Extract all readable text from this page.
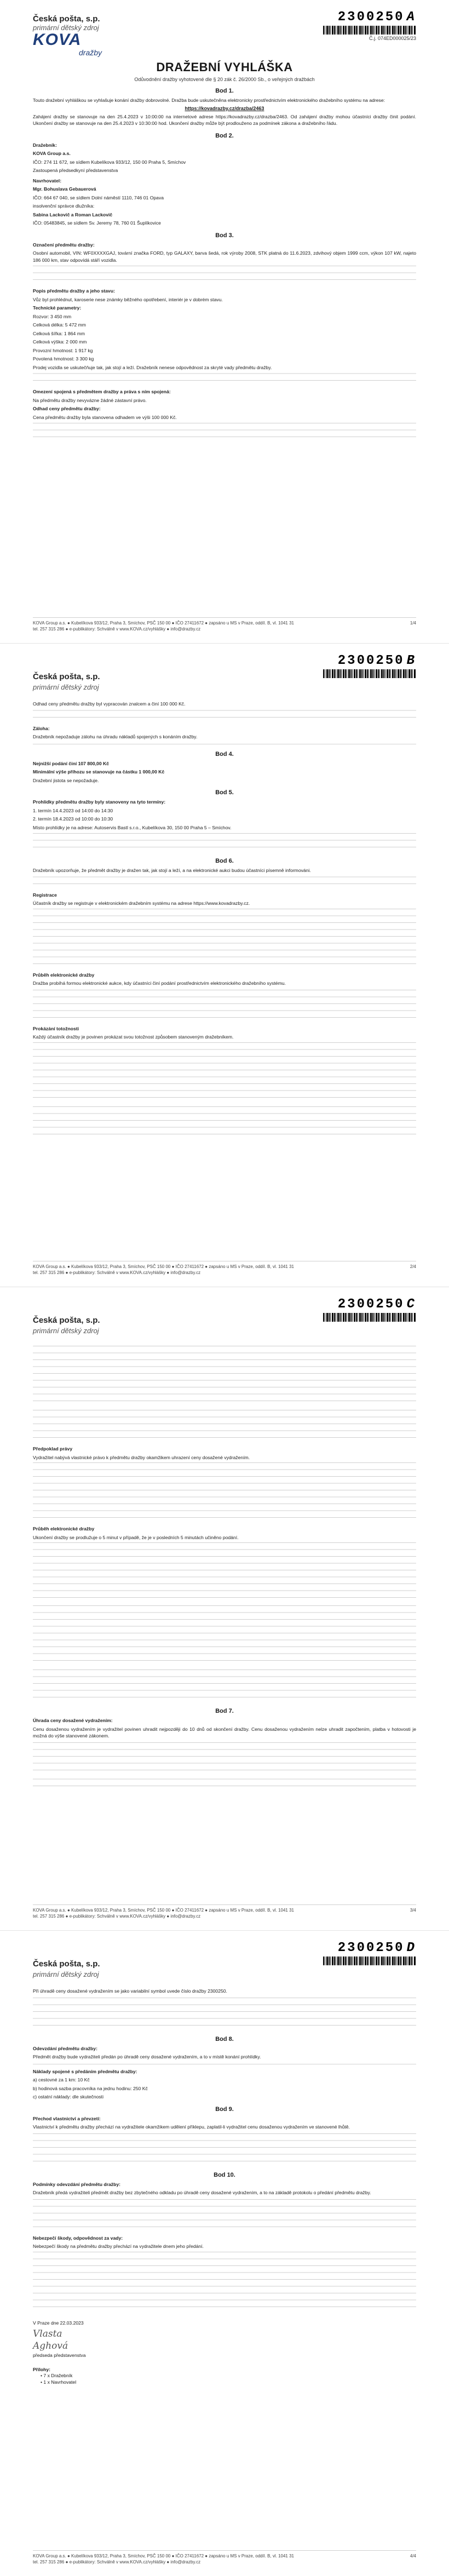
Česká pošta, s.p.
primární dětský zdroj
KOVA
dražby
2300250 A
Č.j. 074ED000025/23
DRAŽEBNÍ VYHLÁŠKA
Odůvodnění dražby vyhotovené dle § 20 zák č. 26/2000 Sb., o veřejných dražbách
Bod 1.

Touto dražební vyhláškou se vyhlašuje konání dražby dobrovolné. Dražba bude uskutečněna elektronicky prostřednictvím elektronického dražebního systému na adrese:

https://kovadrazby.cz/drazba/2463

Zahájení dražby se stanovuje na den 25.4.2023 v 10:00:00 na internetové adrese https://kovadrazby.cz/drazba/2463. Od zahájení dražby mohou účastníci dražby činit podání. Ukončení dražby se stanovuje na den 25.4.2023 v 10:30:00 hod. Ukončení dražby může být prodlouženo za podmínek zákona a dražebního řádu.

Bod 2.
Dražebník:
KOVA Group a.s.
IČO: 274 11 672, se sídlem Kubelíkova 933/12, 150 00 Praha 5, Smíchov
Zastoupená předsedkyní představenstva
Navrhovatel:
Mgr. Bohuslava Gebauerová
IČO: 664 67 040, se sídlem Dolní náměstí 1110, 746 01 Opava
insolvenční správce dlužníka:
Sabina Lackovič a Roman Lackovič
IČO: 05483845, se sídlem Sv. Jeremy 78, 760 01 Šuplíkovice
Bod 3.
Označení předmětu dražby:

Osobní automobil, VIN: WF0XXXXGAJ, tovární značka FORD, typ GALAXY, barva šedá, rok výroby 2008, STK platná do 11.6.2023, zdvihový objem 1999 ccm, výkon 107 kW, najeto 186 000 km, stav odpovídá stáří vozidla.

Popis předmětu dražby a jeho stavu:

Vůz byl prohlédnut, karoserie nese známky běžného opotřebení, interiér je v dobrém stavu.

Technické parametry:
Rozvor: 3 450 mm
Celková délka: 5 472 mm
Celková šířka: 1 864 mm
Celková výška: 2 000 mm
Provozní hmotnost: 1 917 kg
Povolená hmotnost: 3 300 kg

Prodej vozidla se uskutečňuje tak, jak stojí a leží. Dražebník nenese odpovědnost za skryté vady předmětu dražby.

Omezení spojená s předmětem dražby a práva s ním spojená:

Na předmětu dražby nevyvázne žádné zástavní právo.

Odhad ceny předmětu dražby:

Cena předmětu dražby byla stanovena odhadem ve výši 100 000 Kč.

KOVA Group a.s. ● Kubelíkova 933/12, Praha 3, Smíchov, PSČ 150 00 ● IČO 27411672 ● zapsáno u MS v Praze, oddíl. B, vl. 1041 31
tel. 257 315 286 ● e-publikátory: Schválně v www.KOVA.cz/vyhlášky ● info@drazby.cz
1/4
Česká pošta, s.p.
primární dětský zdroj
2300250 B

Odhad ceny předmětu dražby byl vypracován znalcem a činí 100 000 Kč.

Záloha:

Dražebník nepožaduje zálohu na úhradu nákladů spojených s konáním dražby.

Bod 4.
Nejnižší podání činí 107 800,00 Kč
Minimální výše příhozu se stanovuje na částku 1 000,00 Kč
Dražební jistota se nepožaduje.
Bod 5.
Prohlídky předmětu dražby byly stanoveny na tyto termíny:
1. termín 14.4.2023 od 14:00 do 14:30
2. termín 18.4.2023 od 10:00 do 10:30

Místo prohlídky je na adrese: Autoservis Bastl s.r.o., Kubelíkova 30, 150 00 Praha 5 – Smíchov.

Bod 6.

Dražebník upozorňuje, že předmět dražby je dražen tak, jak stojí a leží, a na elektronické aukci budou účastníci písemně informováni.

Registrace

Účastník dražby se registruje v elektronickém dražebním systému na adrese https://www.kovadrazby.cz.

Průběh elektronické dražby

Dražba probíhá formou elektronické aukce, kdy účastníci činí podání prostřednictvím elektronického dražebního systému.

Prokázání totožnosti

Každý účastník dražby je povinen prokázat svou totožnost způsobem stanoveným dražebníkem.

KOVA Group a.s. ● Kubelíkova 933/12, Praha 3, Smíchov, PSČ 150 00 ● IČO 27411672 ● zapsáno u MS v Praze, oddíl. B, vl. 1041 31
tel. 257 315 286 ● e-publikátory: Schválně v www.KOVA.cz/vyhlášky ● info@drazby.cz
2/4
Česká pošta, s.p.
primární dětský zdroj
2300250 C
Předpoklad právy

Vydražitel nabývá vlastnické právo k předmětu dražby okamžikem uhrazení ceny dosažené vydražením.

Průběh elektronické dražby

Ukončení dražby se prodlužuje o 5 minut v případě, že je v posledních 5 minutách učiněno podání.

Bod 7.
Úhrada ceny dosažené vydražením:

Cenu dosaženou vydražením je vydražitel povinen uhradit nejpozději do 10 dnů od skončení dražby. Cenu dosaženou vydražením nelze uhradit započtením, platba v hotovosti je možná do výše stanovené zákonem.

KOVA Group a.s. ● Kubelíkova 933/12, Praha 3, Smíchov, PSČ 150 00 ● IČO 27411672 ● zapsáno u MS v Praze, oddíl. B, vl. 1041 31
tel. 257 315 286 ● e-publikátory: Schválně v www.KOVA.cz/vyhlášky ● info@drazby.cz
3/4
Česká pošta, s.p.
primární dětský zdroj
2300250 D

Při úhradě ceny dosažené vydražením se jako variabilní symbol uvede číslo dražby 2300250.

Bod 8.
Odevzdání předmětu dražby:

Předmět dražby bude vydražiteli předán po úhradě ceny dosažené vydražením, a to v místě konání prohlídky.

Náklady spojené s předáním předmětu dražby:
a) cestovné za 1 km: 10 Kč
b) hodinová sazba pracovníka na jednu hodinu: 250 Kč
c) ostatní náklady: dle skutečnosti
Bod 9.
Přechod vlastnictví a převzetí:

Vlastnictví k předmětu dražby přechází na vydražitele okamžikem udělení příklepu, zaplatil-li vydražitel cenu dosaženou vydražením ve stanovené lhůtě.

Bod 10.
Podmínky odevzdání předmětu dražby:

Dražebník předá vydražiteli předmět dražby bez zbytečného odkladu po úhradě ceny dosažené vydražením, a to na základě protokolu o předání předmětu dražby.

Nebezpečí škody, odpovědnost za vady:

Nebezpečí škody na předmětu dražby přechází na vydražitele dnem jeho předání.

V Praze dne 22.03.2023
Vlasta
Aghová
předseda představenstva
Přílohy:
• 7 x Dražebník
• 1 x Navrhovatel
KOVA Group a.s. ● Kubelíkova 933/12, Praha 3, Smíchov, PSČ 150 00 ● IČO 27411672 ● zapsáno u MS v Praze, oddíl. B, vl. 1041 31
tel. 257 315 286 ● e-publikátory: Schválně v www.KOVA.cz/vyhlášky ● info@drazby.cz
4/4
